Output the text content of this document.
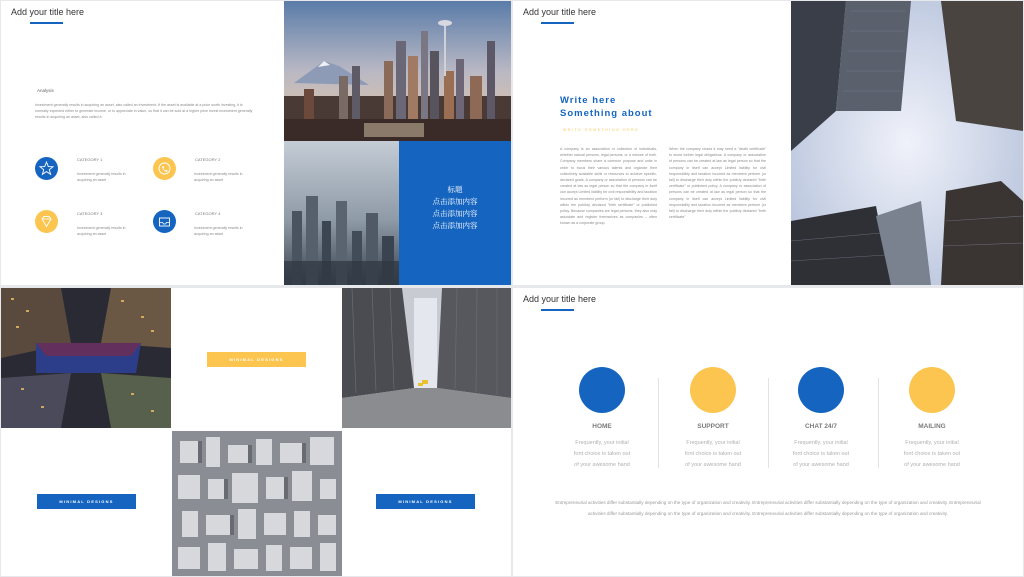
Add your title here
Analysis
Investment generally results in acquiring an asset, also called an investment. If the asset is available at a price worth investing, it is normally expected either to generate income, or to appreciate in value, so that it can be sold at a higher price invest investment generally results in acquiring an asset, also called a
CATEGORY 1
Investment generally results in acquiring an asset
CATEGORY 2
Investment generally results in acquiring an asset
CATEGORY 3
Investment generally results in acquiring an asset
CATEGORY 4
Investment generally results in acquiring an asset
标题
点击添加内容
点击添加内容
点击添加内容
Add your title here
Write here
Something about
WRITE SOMETHING HERE
A company is an association or collection of individuals, whether natural persons, legal persons, or a mixture of both. Company members share a common purpose and unite in order to focus their various talents and organize their collectively available skills or resources to achieve specific, declared goals. A company or association of persons can be created at law as legal person so that the company in itself can accept Limited liability for civil responsibility and taxation incurred as members perform (or fail) to discharge their duty within the publicly declared "birth certificate" or published policy. Because companies are legal persons, they also may associate and register themselves as companies – often known as a corporate group.
When the company closes it may need a "death certificate" to avoid further legal obligations. A company or association of persons can be created at law as legal person so that the company in itself can accept Limited liability for civil responsibility and taxation incurred as members perform (or fail) to discharge their duty within the publicly declared "birth certificate" or published policy. A company or association of persons can be created at law as legal person so that the company in itself can accept Limited liability for civil responsibility and taxation incurred as members perform (or fail) to discharge their duty within the publicly declared "birth certificate"
MINIMAL DESIGNS
MINIMAL DESIGNS	MINIMAL DESIGNS
Add your title here
HOME
Frequently, your initial
font choice is taken out
of your awesome hand
SUPPORT
Frequently, your initial
font choice is taken out
of your awesome hand
CHAT 24/7
Frequently, your initial
font choice is taken out
of your awesome hand
MAILING
Frequently, your initial
font choice is taken out
of your awesome hand
Entrepreneurial activities differ substantially depending on the type of organization and creativity. Entrepreneurial activities differ substantially depending on the type of organization and creativity. Entrepreneurial activities differ substantially depending on the type of organization and creativity. Entrepreneurial activities differ substantially depending on the type of organization and creativity.
